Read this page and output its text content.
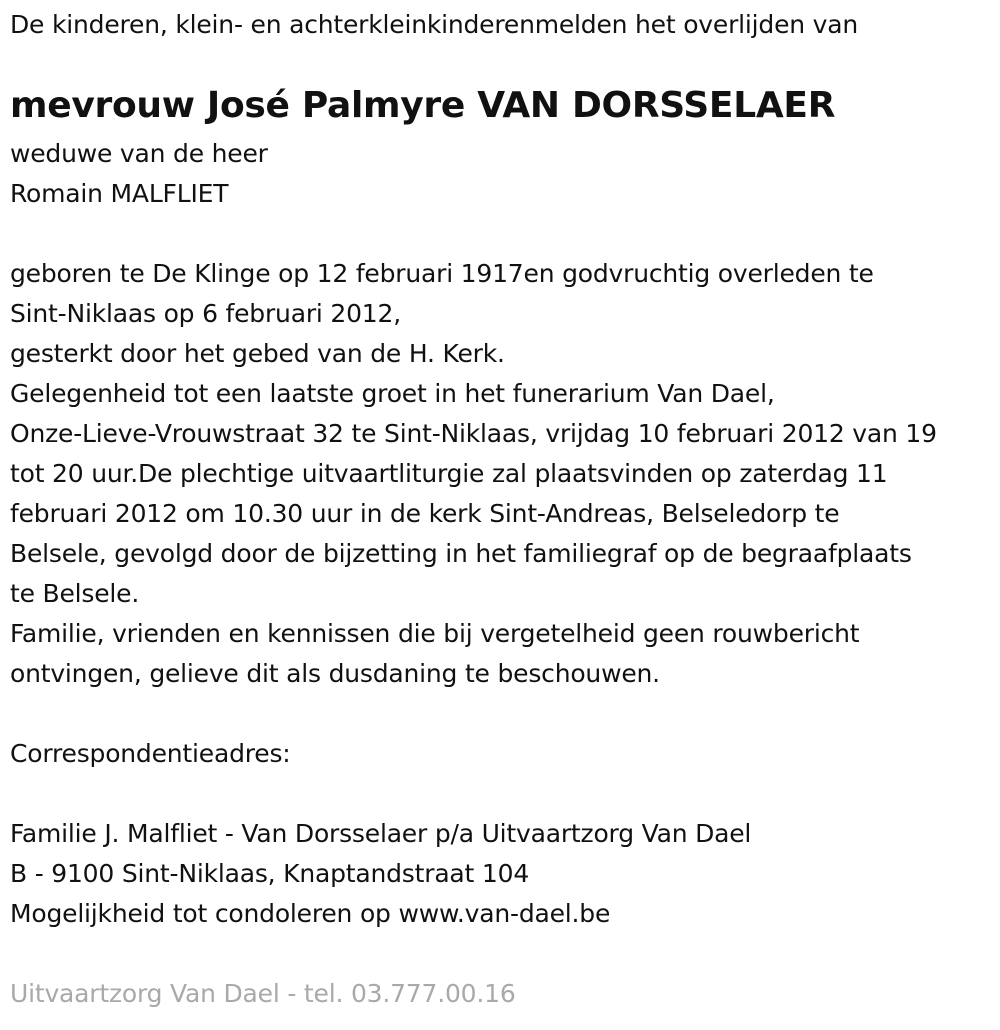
De kinderen, klein- en achterkleinkinderenmelden het overlijden van
mevrouw José Palmyre VAN DORSSELAER
weduwe van de heer
Romain MALFLIET
geboren te De Klinge op 12 februari 1917en godvruchtig overleden te
Sint-Niklaas op 6 februari 2012,
gesterkt door het gebed van de H. Kerk.
Gelegenheid tot een laatste groet in het funerarium Van Dael,
Onze-Lieve-Vrouwstraat 32 te Sint-Niklaas, vrijdag 10 februari 2012 van 19
tot 20 uur.De plechtige uitvaartliturgie zal plaatsvinden op zaterdag 11
februari 2012 om 10.30 uur in de kerk Sint-Andreas, Belseledorp te
Belsele, gevolgd door de bijzetting in het familiegraf op de begraafplaats
te Belsele.
Familie, vrienden en kennissen die bij vergetelheid geen rouwbericht
ontvingen, gelieve dit als dusdaning te beschouwen.
Correspondentieadres:
Familie J. Malfliet - Van Dorsselaer p/a Uitvaartzorg Van Dael
B - 9100 Sint-Niklaas, Knaptandstraat 104
Mogelijkheid tot condoleren op www.van-dael.be
Uitvaartzorg Van Dael - tel. 03.777.00.16
